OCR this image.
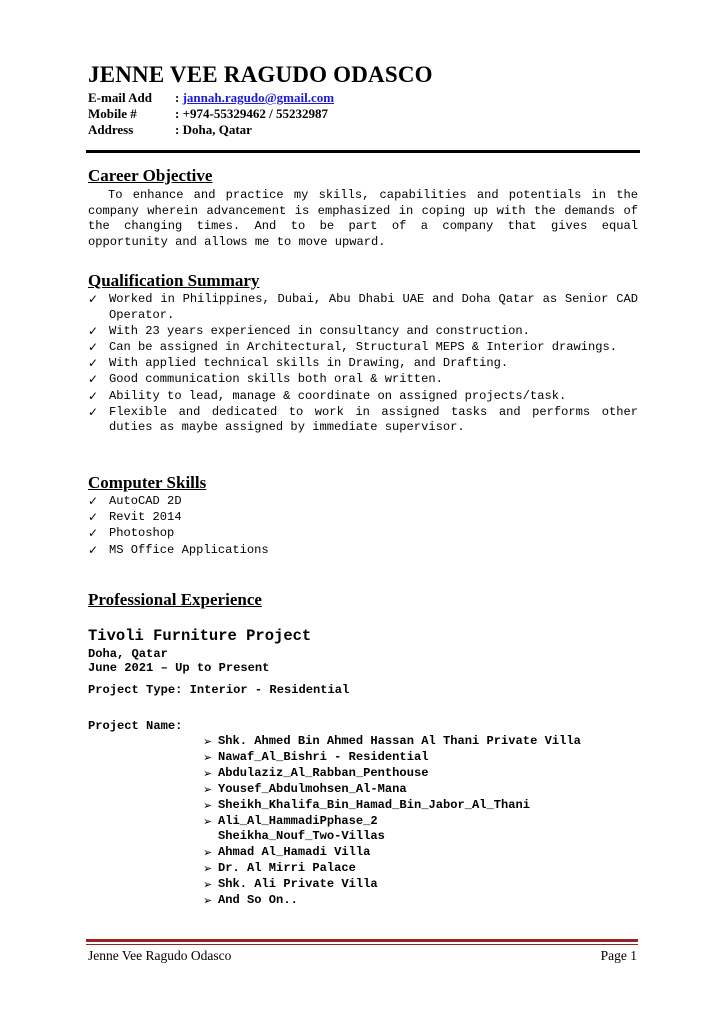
JENNE VEE RAGUDO ODASCO
E-mail Add : jannah.ragudo@gmail.com
Mobile #	: +974-55329462 / 55232987
Address	: Doha, Qatar
Career Objective

To enhance and practice my skills, capabilities and potentials in the company wherein advancement is emphasized in coping up with the demands of the changing times. And to be part of a company that gives equal opportunity and allows me to move upward.

Qualification Summary
✓ Worked in Philippines, Dubai, Abu Dhabi UAE and Doha Qatar as Senior CAD Operator.
✓ With 23 years experienced in consultancy and construction.
✓ Can be assigned in Architectural, Structural MEPS & Interior drawings.
✓ With applied technical skills in Drawing, and Drafting.
✓ Good communication skills both oral & written.
✓ Ability to lead, manage & coordinate on assigned projects/task.
✓ Flexible and dedicated to work in assigned tasks and performs other duties as maybe assigned by immediate supervisor.
Computer Skills
✓ AutoCAD 2D
✓ Revit 2014
✓ Photoshop
✓ MS Office Applications
Professional Experience
Tivoli Furniture Project
Doha, Qatar
June 2021 – Up to Present
Project Type: Interior - Residential
Project Name:
➢ Shk. Ahmed Bin Ahmed Hassan Al Thani Private Villa
➢ Nawaf_Al_Bishri - Residential
➢ Abdulaziz_Al_Rabban_Penthouse
➢ Yousef_Abdulmohsen_Al-Mana
➢ Sheikh_Khalifa_Bin_Hamad_Bin_Jabor_Al_Thani
➢ Ali_Al_HammadiPphase_2
Sheikha_Nouf_Two-Villas
➢ Ahmad Al_Hamadi Villa
➢ Dr. Al Mirri Palace
➢ Shk. Ali Private Villa
➢ And So On..
Jenne Vee Ragudo Odasco	Page 1
